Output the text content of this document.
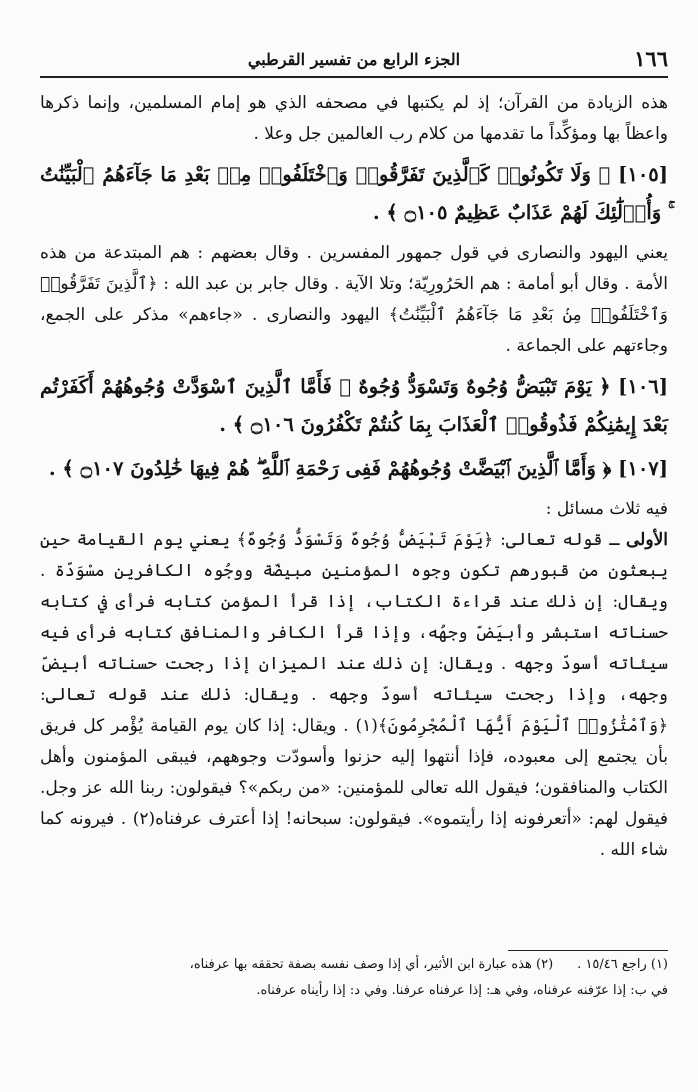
١٦٦
الجزء الرابع من تفسير القرطبي

هذه الزيادة من القرآن؛ إذ لم يكتبها في مصحفه الذي هو إمام المسلمين، وإنما ذكرها واعظاً بها ومؤكِّداً ما تقدمها من كلام رب العالمين جل وعلا .

[١٠٥] ﴿ وَلَا تَكُونُوا۟ كَٱلَّذِينَ تَفَرَّقُوا۟ وَٱخْتَلَفُوا۟ مِنۢ بَعْدِ مَا جَآءَهُمُ ٱلْبَيِّنَٰتُ ۚ وَأُو۟لَٰٓئِكَ لَهُمْ عَذَابٌ عَظِيمٌ ۝١٠٥ ﴾ .

يعني اليهود والنصارى في قول جمهور المفسرين . وقال بعضهم : هم المبتدعة من هذه الأمة . وقال أبو أمامة : هم الحَرُورِيّة؛ وتلا الآية . وقال جابر بن عبد الله : ﴿ٱلَّذِينَ تَفَرَّقُوا۟ وَٱخْتَلَفُوا۟ مِنۢ بَعْدِ مَا جَآءَهُمُ ٱلْبَيِّنَٰتُ﴾ اليهود والنصارى . «جاءهم» مذكر على الجمع، وجاءتهم على الجماعة .

[١٠٦] ﴿ يَوْمَ تَبْيَضُّ وُجُوهٌ وَتَسْوَدُّ وُجُوهٌ ۚ فَأَمَّا ٱلَّذِينَ ٱسْوَدَّتْ وُجُوهُهُمْ أَكَفَرْتُم بَعْدَ إِيمَٰنِكُمْ فَذُوقُوا۟ ٱلْعَذَابَ بِمَا كُنتُمْ تَكْفُرُونَ ۝١٠٦ ﴾ .

[١٠٧] ﴿ وَأَمَّا ٱلَّذِينَ ٱبْيَضَّتْ وُجُوهُهُمْ فَفِى رَحْمَةِ ٱللَّهِ ۖ هُمْ فِيهَا خَٰلِدُونَ ۝١٠٧ ﴾ .

فيه ثلاث مسائل :

الأولى ـ قوله تعالى: ﴿يَوْمَ تَبْيَضُّ وُجُوهٌ وَتَسْوَدُّ وُجُوهٌ﴾ يعني يوم القيامة حين يبعثون من قبورهم تكون وجوه المؤمنين مبيضّة ووجُوه الكافرين مسْوَدّة . ويقال: إن ذلك عند قراءة الكتاب، إذا قرأ المؤمن كتابه فرأى في كتابه حسناته استبشر وأبيَضّ وجهُه، وإذا قرأ الكافر والمنافق كتابه فرأى فيه سيئاته أسودّ وجهه . ويقال: إن ذلك عند الميزان إذا رجحت حسناته أبيضّ وجهه، وإذا رجحت سيئاته أسودّ وجهه . ويقال: ذلك عند قوله تعالى: ﴿وَٱمْتَٰزُوا۟ ٱلْيَوْمَ أَيُّهَا ٱلْمُجْرِمُونَ﴾(١) . ويقال: إذا كان يوم القيامة يُؤْمر كل فريق بأن يجتمع إلى معبوده، فإذا أنتهوا إليه حزنوا وأسودّت وجوههم، فيبقى المؤمنون وأهل الكتاب والمنافقون؛ فيقول الله تعالى للمؤمنين: «من ربكم»؟ فيقولون: ربنا الله عز وجل. فيقول لهم: «أتعرفونه إذا رأيتموه». فيقولون: سبحانه! إذا أعترف عرفناه(٢) . فيرونه كما شاء الله .

(١) راجع ١٥/٤٦ .(٢) هذه عبارة ابن الأثير، أي إذا وصف نفسه بصفة تحققه بها عرفناه،

في ب: إذا عرّفنه عرفناه، وفي هـ: إذا عرفناه عرفنا. وفي د: إذا رأيناه عرفناه.
